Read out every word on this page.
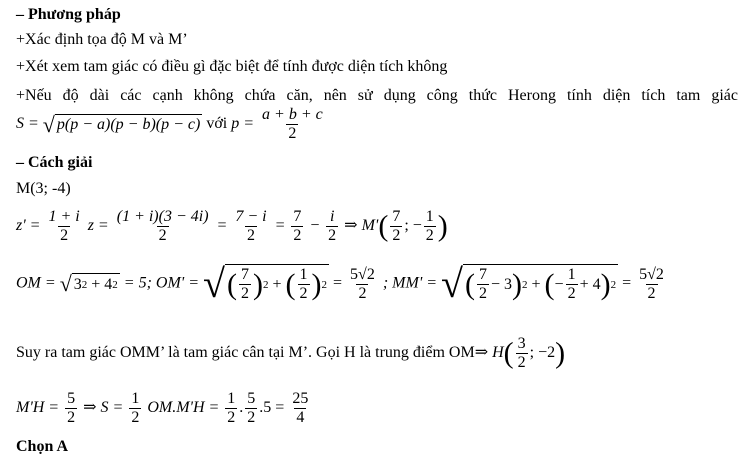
– Phương pháp
+Xác định tọa độ M và M’
+Xét xem tam giác có điều gì đặc biệt để tính được diện tích không
+Nếu độ dài các cạnh không chứa căn, nên sử dụng công thức Herong tính diện tích tam giác
S = √ p(p − a)(p − b)(p − c) với $p = \frac{a + b + c}{2}$
– Cách giải
M(3; -4)
$z' = \frac{1 + i}{2}$ $z = \frac{(1 + i)(3 - 4i)}{2} = \frac{7 - i}{2} = \frac{7}{2} - \frac{i}{2}$ ⇒ $M'( \frac{7}{2}$ ; − $\frac{1}{2}$ )
OM = √ 3 2
+ 4 2 = 5; OM' = √ ( $\frac{7}{2}$ ) 2
+
( $\frac{1}{2}$ ) $2 = \frac{5√2}{2}$ ; MM' = √ ( $\frac{7}{2} - 3$ ) 2
+
( − $\frac{1}{2} + 4$ ) $2 = \frac{5√2}{2}$
Suy ra tam giác OMM’ là tam giác cân tại M’. Gọi H là trung điểm OM⇒ $H( \frac{3}{2}$ ; −2)
$M'H = \frac{5}{2}$ ⇒ $S = \frac{1}{2} OM.M'H = \frac{1}{2}$ . $\frac{5}{2} .5 = \frac{25}{4}$
Chọn A
